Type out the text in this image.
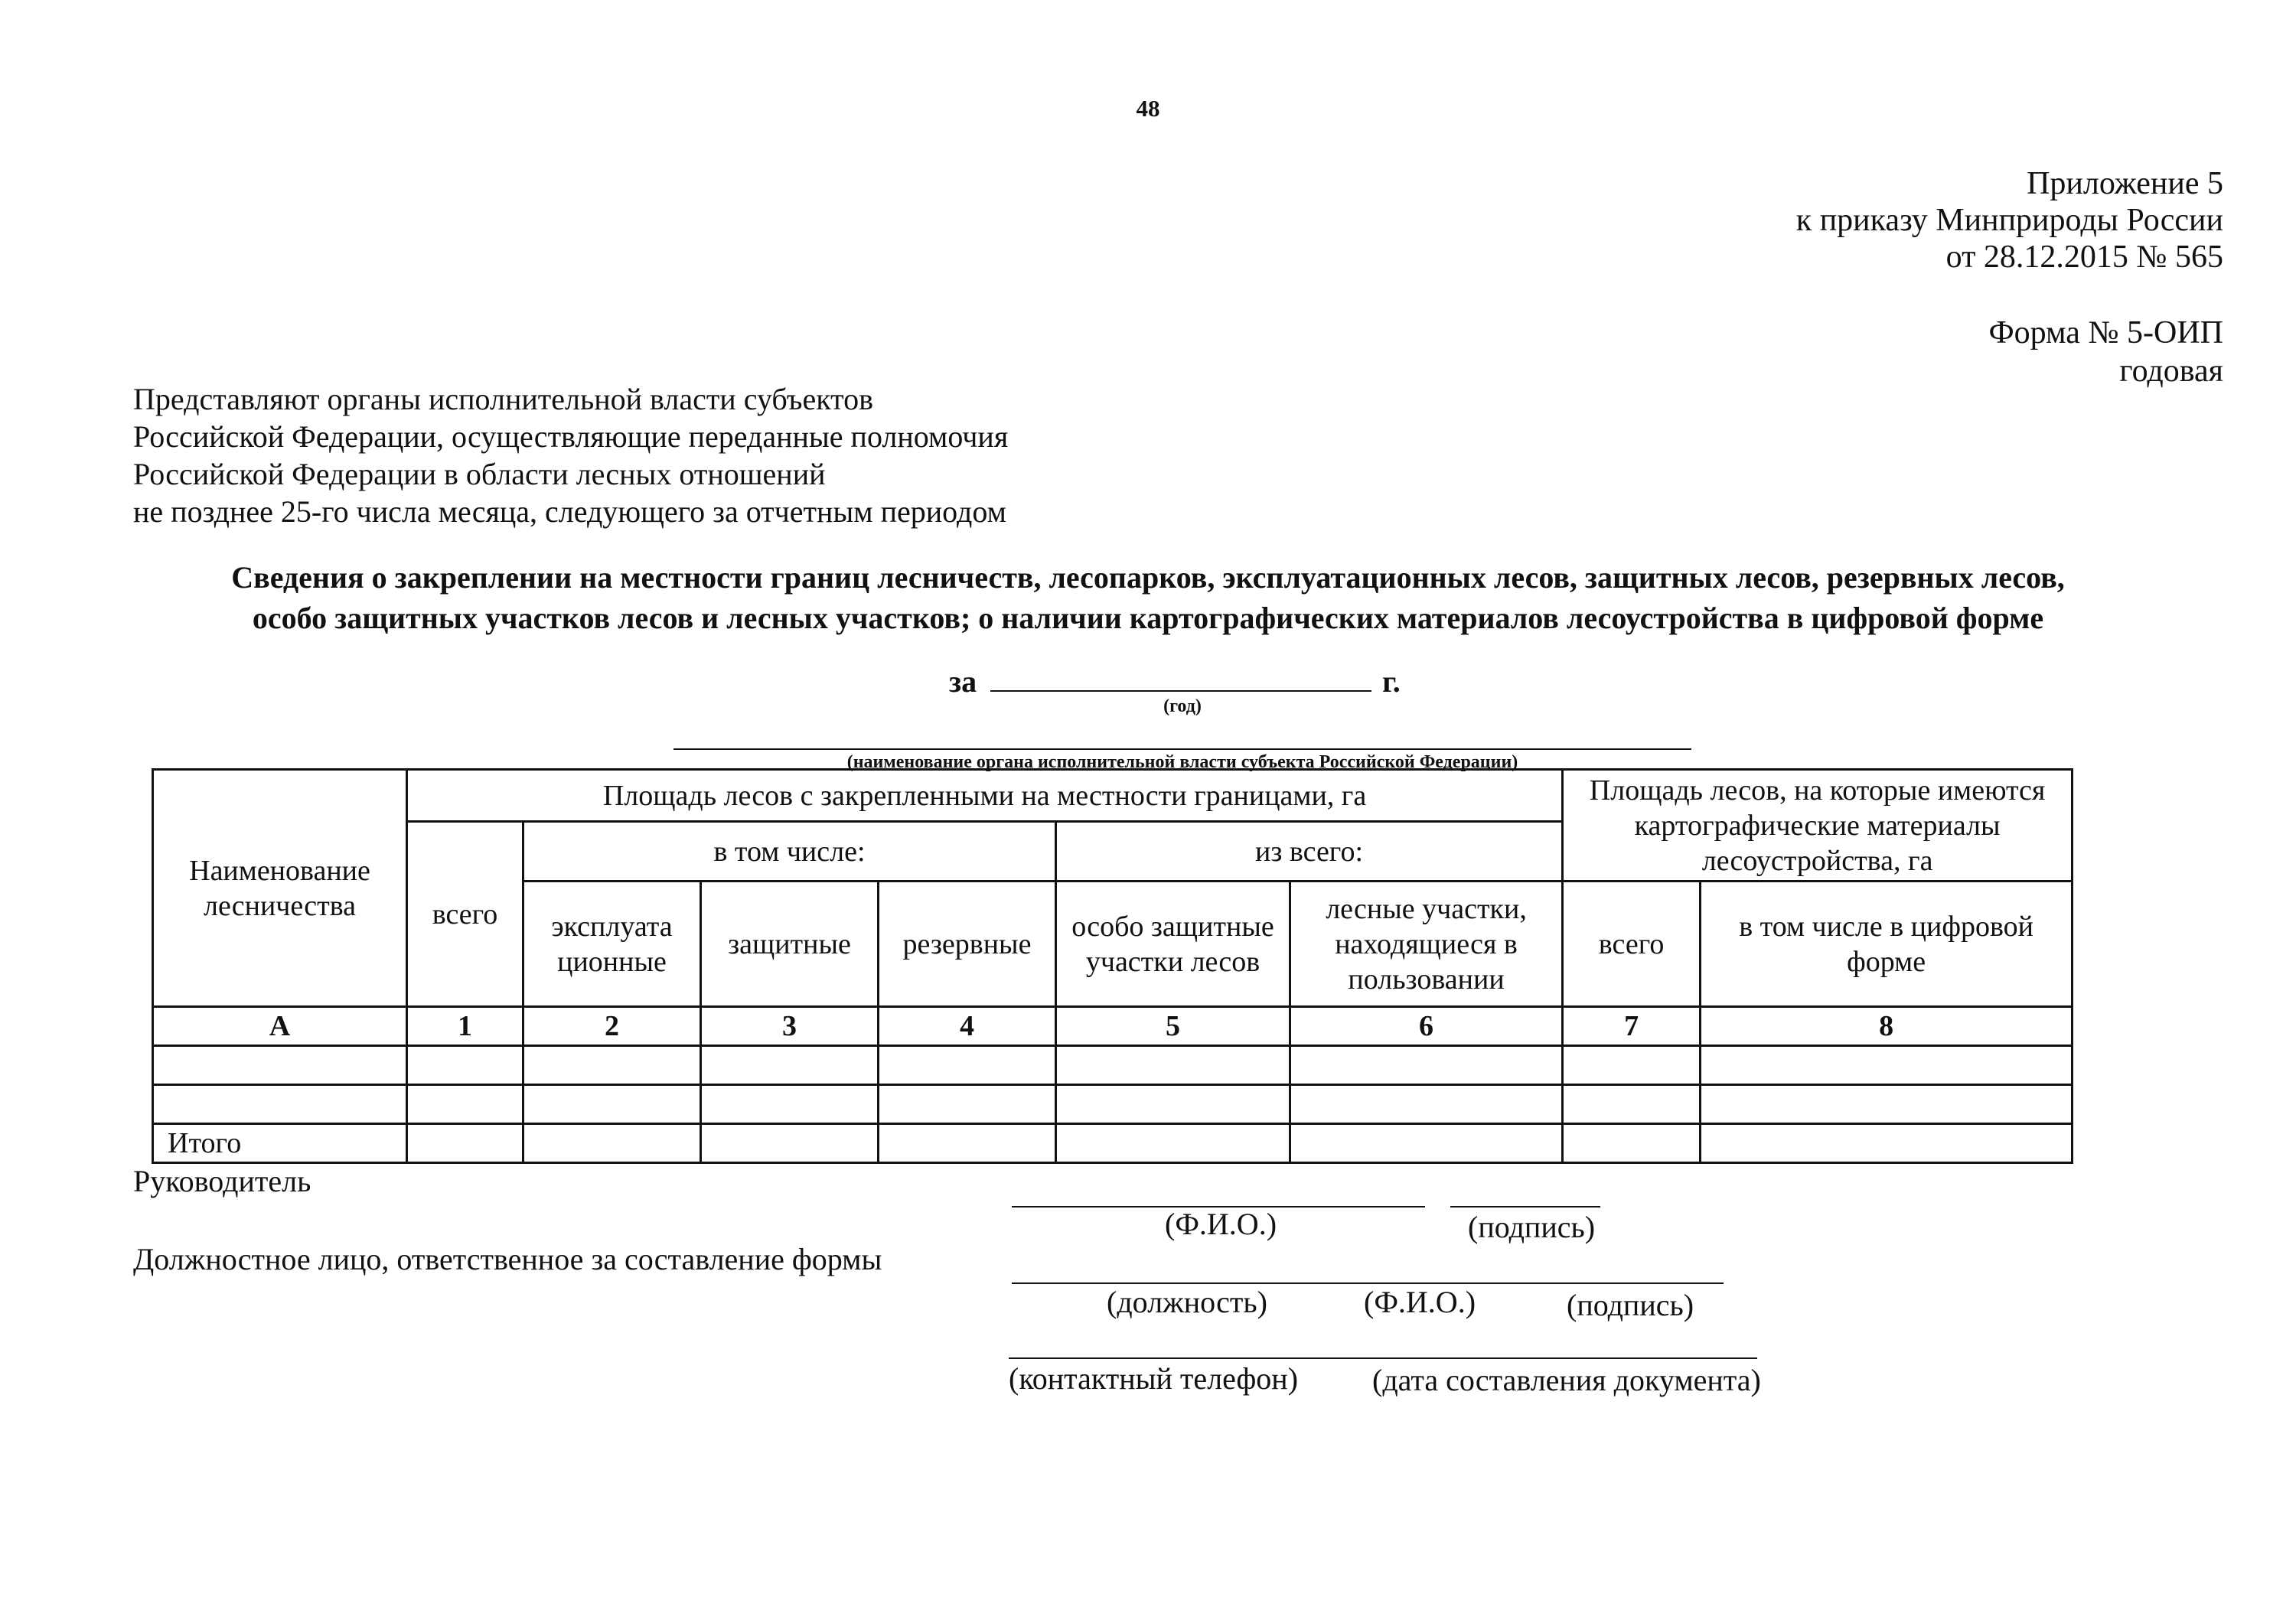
48
Приложение 5
к приказу Минприроды России
от 28.12.2015 № 565
Форма № 5-ОИП
годовая
Представляют органы исполнительной власти субъектов
Российской Федерации, осуществляющие переданные полномочия
Российской Федерации в области лесных отношений
не позднее 25-го числа месяца, следующего за отчетным периодом
Сведения о закреплении на местности границ лесничеств, лесопарков, эксплуатационных лесов, защитных лесов, резервных лесов,
особо защитных участков лесов и лесных участков; о наличии картографических материалов лесоустройства в цифровой форме
за	г.
(год)
(наименование органа исполнительной власти субъекта Российской Федерации)
Наименование лесничества	Площадь лесов с закрепленными на местности границами, га						Площадь лесов, на которые имеются картографические материалы лесоустройства, га	
	всего	в том числе:			из всего:			
		эксплуата ционные	защитные	резервные	особо защитные участки лесов	лесные участки, находящиеся в пользовании	всего	в том числе в цифровой форме
А	1	2	3	4	5	6	7	8

Итого								
Руководитель
(Ф.И.О.)	(подпись)
Должностное лицо, ответственное за составление формы
(должность)	(Ф.И.О.)	(подпись)
(контактный телефон) (дата составления документа)
